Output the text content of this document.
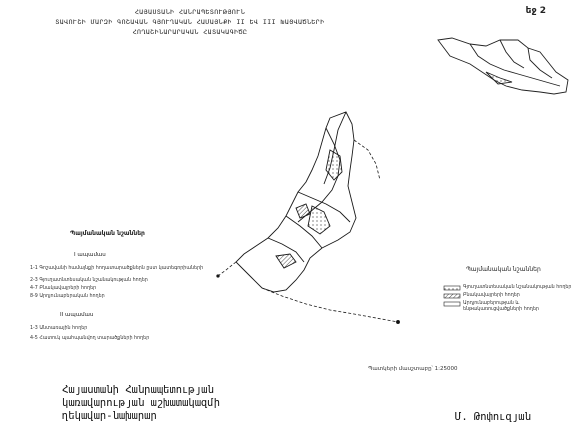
ՀԱՅԱՍՏԱՆԻ ՀԱՆՐԱՊԵՏՈՒԹՅՈՒՆ
ՏԱՎՈՒՇԻ ՄԱՐԶԻ ԳՈՇԱՎԱՆ ԳՅՈՒՂԱԿԱՆ ՀԱՄԱՅՆՔԻ II ԵՎ III ԽԱՑՎԱԾՆԵՐԻ
ՀՈՂԱՇԻՆԱՐԱՐԱԿԱՆ ՀԱՏԱԿԱԳԻԾԸ
եջ 2
Պայմանական նշաններ
I ապամաս
1-1 Գոշավանի համայնքի հողատարածքներն ըստ կատեգորիաների
2-3 Գյուղատնտեսական նշանակության հողեր
4-7 Բնակավայրերի հողեր
8-9 Արդյունաբերական հողեր
II ապամաս
1-3 Անտառային հողեր
4-5 Հատուկ պահպանվող տարածքների հողեր
Պայմանական նշաններ
Գյուղատնտեսական նշանակության հողեր
Բնակավայրերի հողեր
Արդյունաբերության և ենթակառուցվածքների հողեր
Պատկերի մասշտաբը՝ 1:25000
Հայաստանի Հանրապետության
կառավարության աշխատակազմի
ղեկավար-նախարար	Մ. Թոփուզյան
